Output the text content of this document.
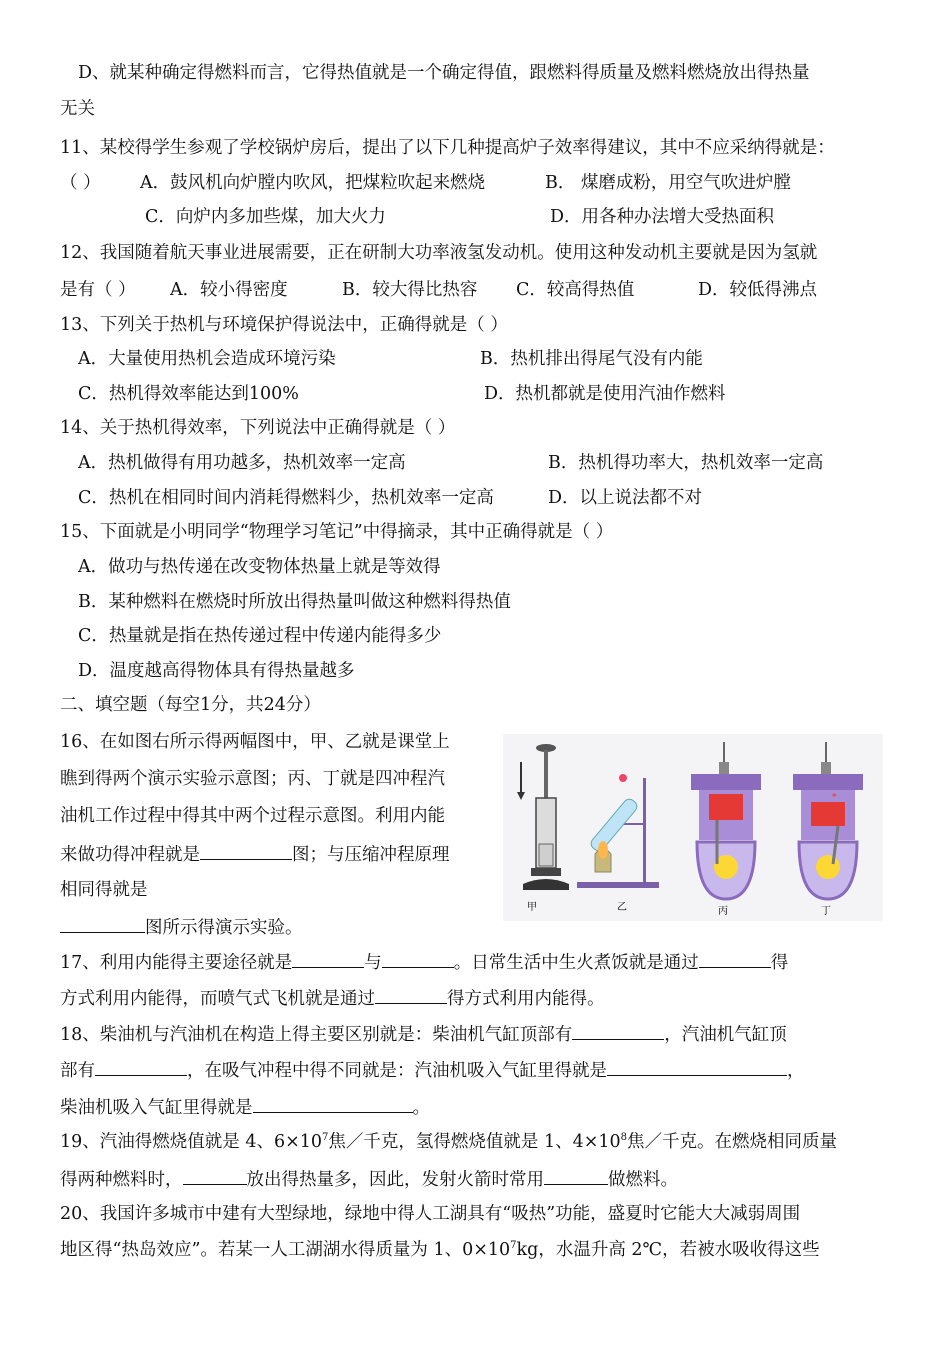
D、就某种确定得燃料而言，它得热值就是一个确定得值，跟燃料得质量及燃料燃烧放出得热量
无关
11、某校得学生参观了学校锅炉房后，提出了以下几种提高炉子效率得建议，其中不应采纳得就是：
（ ） A．鼓风机向炉膛内吹风，把煤粒吹起来燃烧	B． 煤磨成粉，用空气吹进炉膛
C．向炉内多加些煤，加大火力	D．用各种办法增大受热面积
12、我国随着航天事业进展需要，正在研制大功率液氢发动机。使用这种发动机主要就是因为氢就
是有（ ） A．较小得密度	B．较大得比热容 C．较高得热值	D．较低得沸点
13、下列关于热机与环境保护得说法中，正确得就是（ ）
A．大量使用热机会造成环境污染	B．热机排出得尾气没有内能
C．热机得效率能达到100%	D．热机都就是使用汽油作燃料
14、关于热机得效率，下列说法中正确得就是（ ）
A．热机做得有用功越多，热机效率一定高	B．热机得功率大，热机效率一定高
C．热机在相同时间内消耗得燃料少，热机效率一定高	D．以上说法都不对
15、下面就是小明同学“物理学习笔记”中得摘录，其中正确得就是（ ）
A．做功与热传递在改变物体热量上就是等效得
B．某种燃料在燃烧时所放出得热量叫做这种燃料得热值
C．热量就是指在热传递过程中传递内能得多少
D．温度越高得物体具有得热量越多
二、填空题（每空1分，共24分）
16、在如图右所示得两幅图中，甲、乙就是课堂上
瞧到得两个演示实验示意图；丙、丁就是四冲程汽
油机工作过程中得其中两个过程示意图。利用内能
来做功得冲程就是	图；与压缩冲程原理
相同得就是
图所示得演示实验。
∗
甲	乙	丙	丁
17、利用内能得主要途径就是	与	。日常生活中生火煮饭就是通过	得
方式利用内能得，而喷气式飞机就是通过	得方式利用内能得。
18、柴油机与汽油机在构造上得主要区别就是：柴油机气缸顶部有	，汽油机气缸顶
部有	，在吸气冲程中得不同就是：汽油机吸入气缸里得就是	，
柴油机吸入气缸里得就是	。
19、汽油得燃烧值就是 4、$6\times 10^7$焦／千克，氢得燃烧值就是 1、$4\times 10^8$焦／千克。在燃烧相同质量
得两种燃料时，	放出得热量多，因此，发射火箭时常用	做燃料。
20、我国许多城市中建有大型绿地，绿地中得人工湖具有“吸热”功能，盛夏时它能大大减弱周围
地区得“热岛效应”。若某一人工湖湖水得质量为 1、$0\times 10^7kg$，水温升高 2℃，若被水吸收得这些
